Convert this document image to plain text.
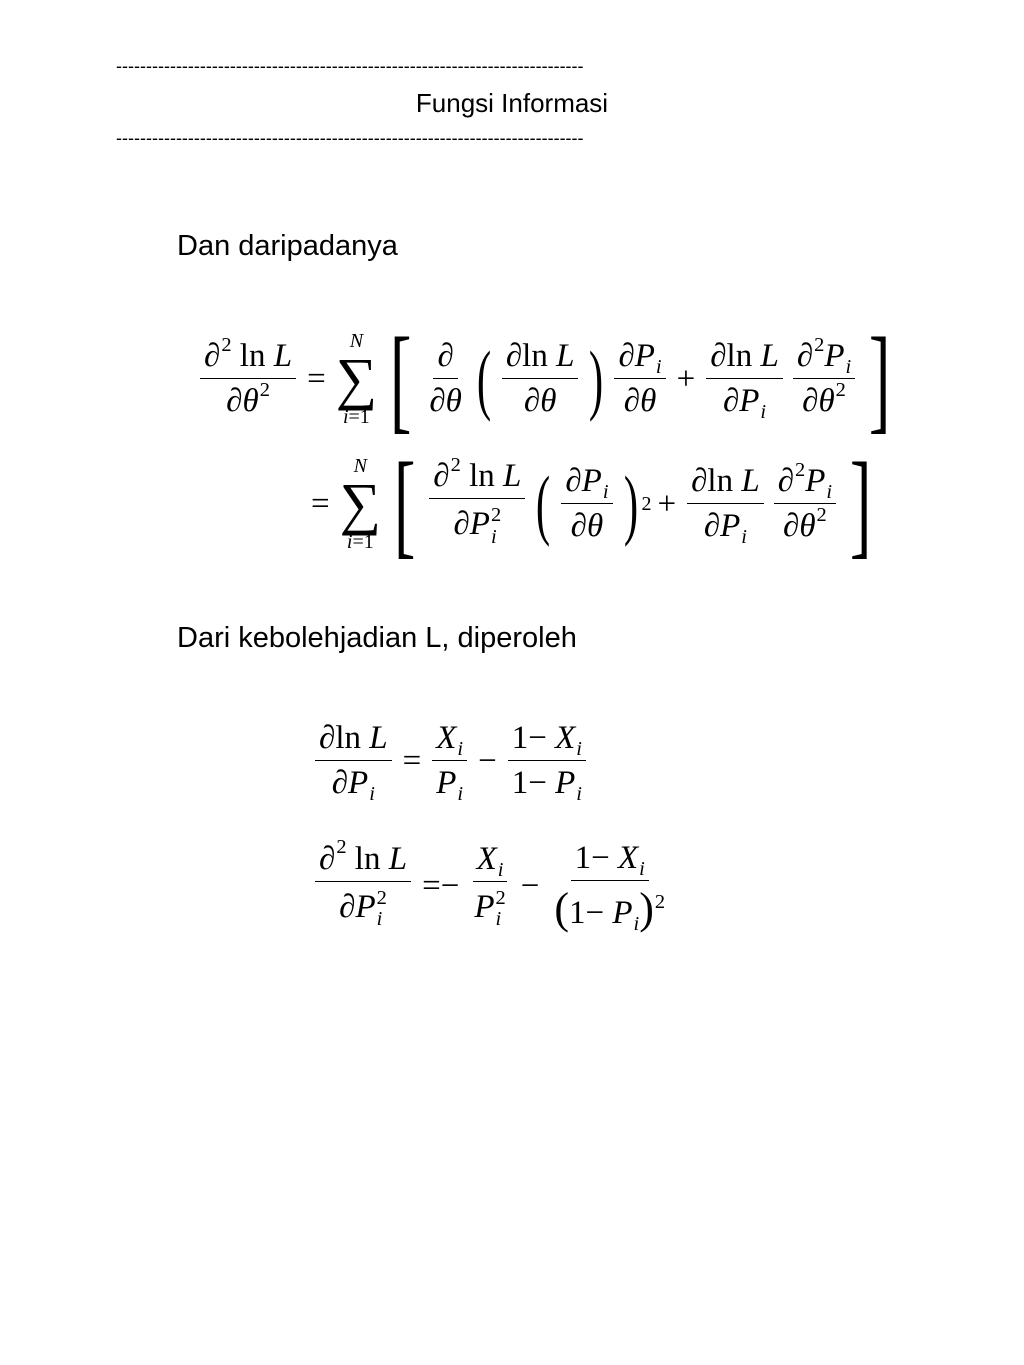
------------------------------------------------------------------------------
Fungsi Informasi
------------------------------------------------------------------------------
Dan daripadanya
$\frac{\partial^2 \ln L}{\partial\theta^2}$ =
N
∑
i=1 [ $\frac{\partial}{\partial\theta}$ ( $\frac{\text{∂ln L}}{\partial\theta}$ ) $\frac{\partial P_i}{\partial\theta} + \frac{\text{∂ln L}}{\partial P_i} \frac{\partial^2P_i}{\partial\theta^2}$ ]
=
N
∑
i=1 [ ∂$^2$ ln L
∂P 2
i ( $\frac{\partial P_i}{\partial\theta}$ ) $2 + \frac{\text{∂ln L}}{\partial P_i} \frac{\partial^2P_i}{\partial\theta^2}$ ]
Dari kebolehjadian L, diperoleh
$\frac{\text{∂ln L}}{\partial P_i} = \frac{X_i}{P_i} - \frac{1- X_i}{1- P_i}$
∂$^2$ ln L
∂P 2
$i =- X_i$
P 2
$i - \frac{1- X_i}{(1- P_i)^2}$
